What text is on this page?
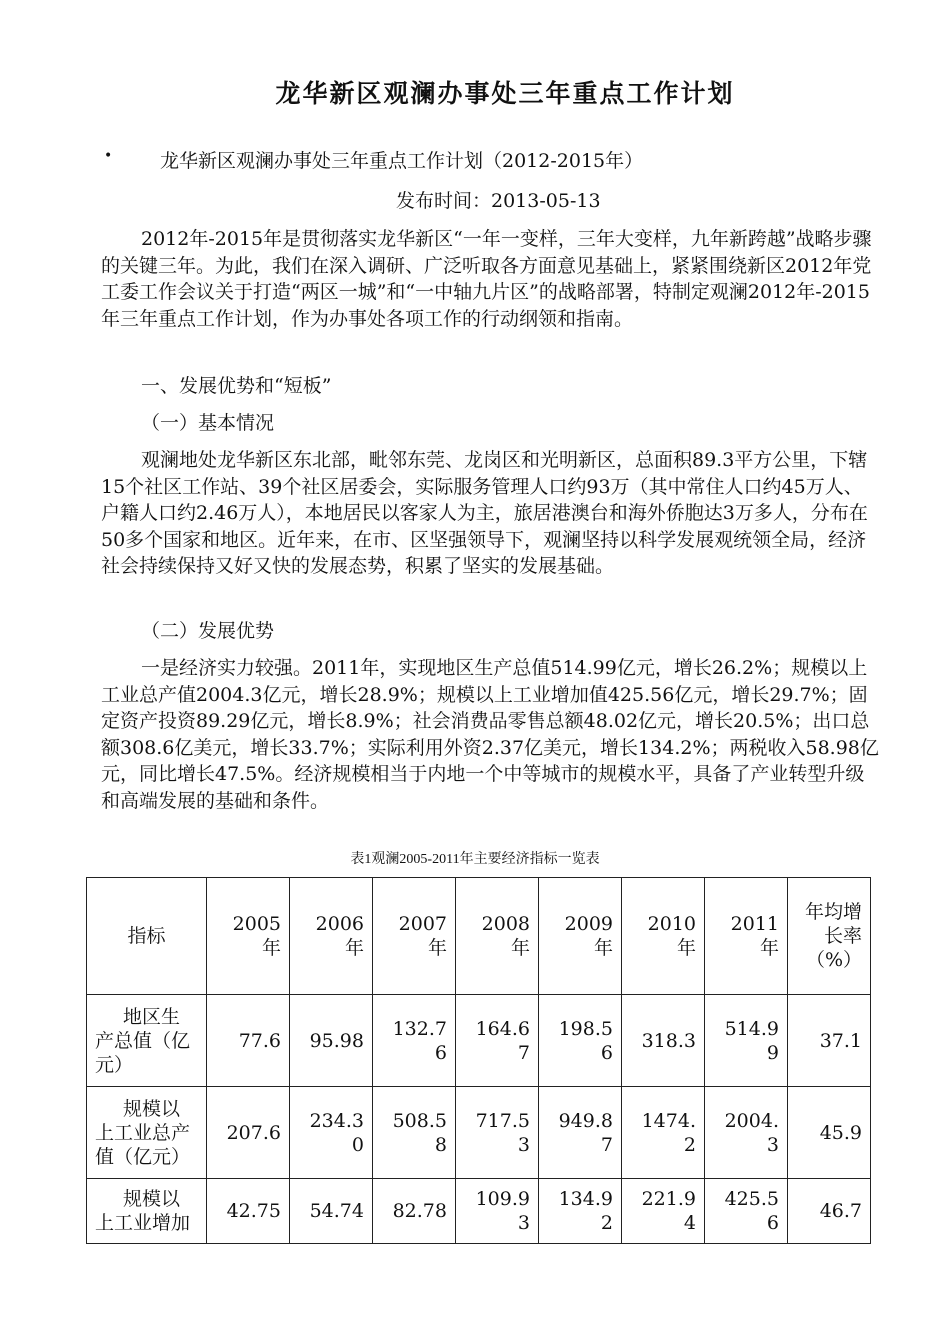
龙华新区观澜办事处三年重点工作计划
•	龙华新区观澜办事处三年重点工作计划（2012-2015年）
发布时间：2013-05-13

2012年-2015年是贯彻落实龙华新区“一年一变样，三年大变样，九年新跨越”战略步骤的关键三年。为此，我们在深入调研、广泛听取各方面意见基础上，紧紧围绕新区2012年党工委工作会议关于打造“两区一城”和“一中轴九片区”的战略部署，特制定观澜2012年-2015年三年重点工作计划，作为办事处各项工作的行动纲领和指南。

一、发展优势和“短板”
（一）基本情况

观澜地处龙华新区东北部，毗邻东莞、龙岗区和光明新区，总面积89.3平方公里，下辖15个社区工作站、39个社区居委会，实际服务管理人口约93万（其中常住人口约45万人、户籍人口约2.46万人），本地居民以客家人为主，旅居港澳台和海外侨胞达3万多人，分布在50多个国家和地区。近年来，在市、区坚强领导下，观澜坚持以科学发展观统领全局，经济社会持续保持又好又快的发展态势，积累了坚实的发展基础。

（二）发展优势

一是经济实力较强。2011年，实现地区生产总值514.99亿元，增长26.2%；规模以上工业总产值2004.3亿元，增长28.9%；规模以上工业增加值425.56亿元，增长29.7%；固定资产投资89.29亿元，增长8.9%；社会消费品零售总额48.02亿元，增长20.5%；出口总额308.6亿美元，增长33.7%；实际利用外资2.37亿美元，增长134.2%；两税收入58.98亿元，同比增长47.5%。经济规模相当于内地一个中等城市的规模水平，具备了产业转型升级和高端发展的基础和条件。

表1观澜2005-2011年主要经济指标一览表
指标	2005年	2006年	2007年	2008年	2009年	2010年	2011年	年均增长率（%）
地区生产总值（亿元）	77.6	95.98	132.76	164.67	198.56	318.3	514.99	37.1
规模以上工业总产值（亿元）	207.6	234.30	508.58	717.53	949.87	1474.2	2004.3	45.9
规模以上工业增加	42.75	54.74	82.78	109.93	134.92	221.94	425.56	46.7
